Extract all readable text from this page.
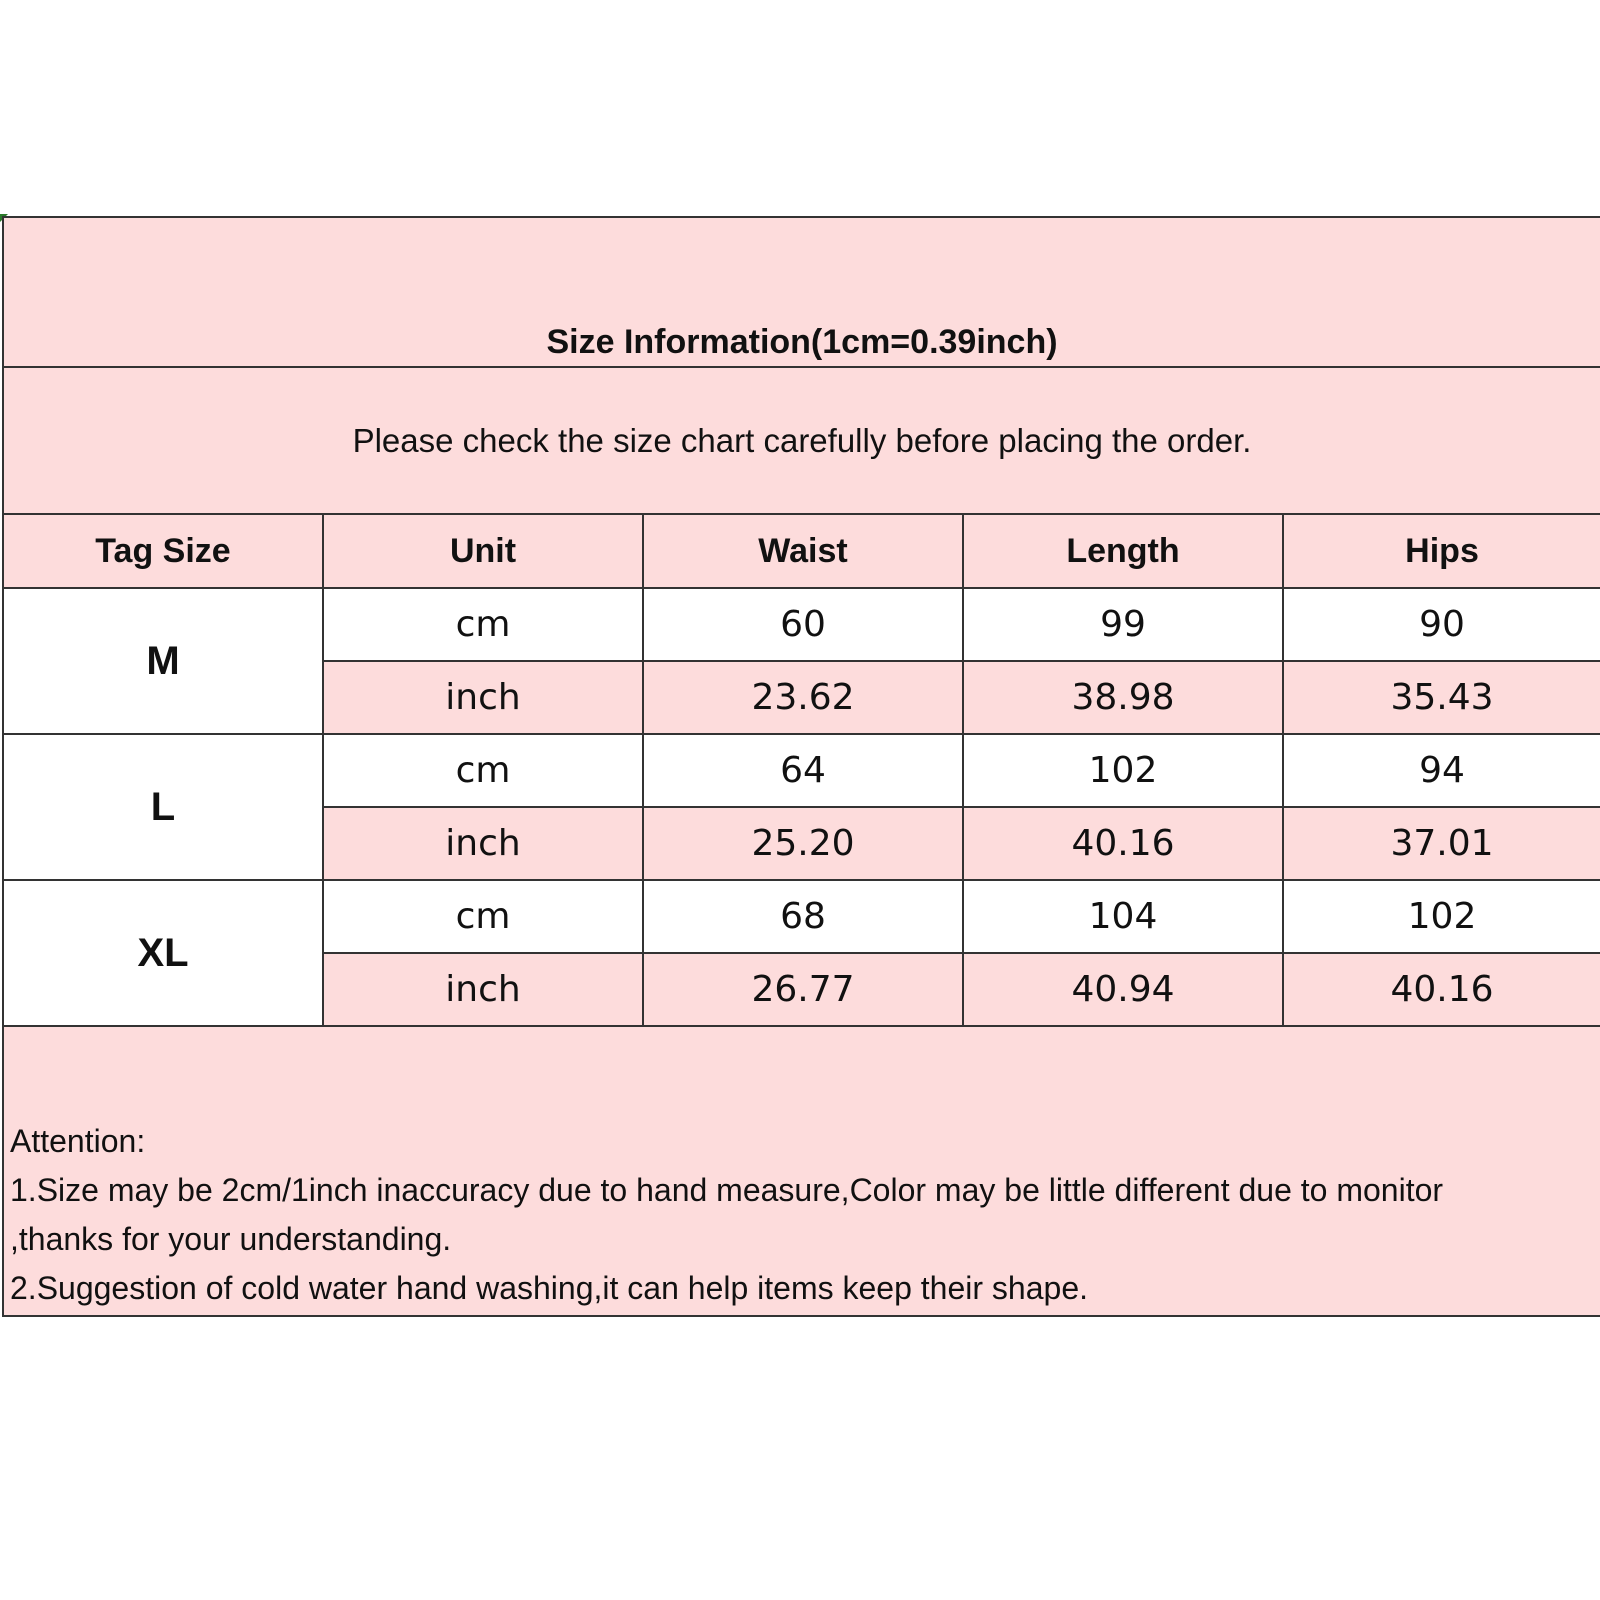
Size Information(1cm=0.39inch)				
Please check the size chart carefully before placing the order.				
Tag Size	Unit	Waist	Length	Hips
M	cm	60	99	90
	inch	23.62	38.98	35.43
L	cm	64	102	94
	inch	25.20	40.16	37.01
XL	cm	68	104	102
	inch	26.77	40.94	40.16

Attention:
1.Size may be 2cm/1inch inaccuracy due to hand measure,Color may be little different due to monitor
,thanks for your understanding.
2.Suggestion of cold water hand washing,it can help items keep their shape.				
